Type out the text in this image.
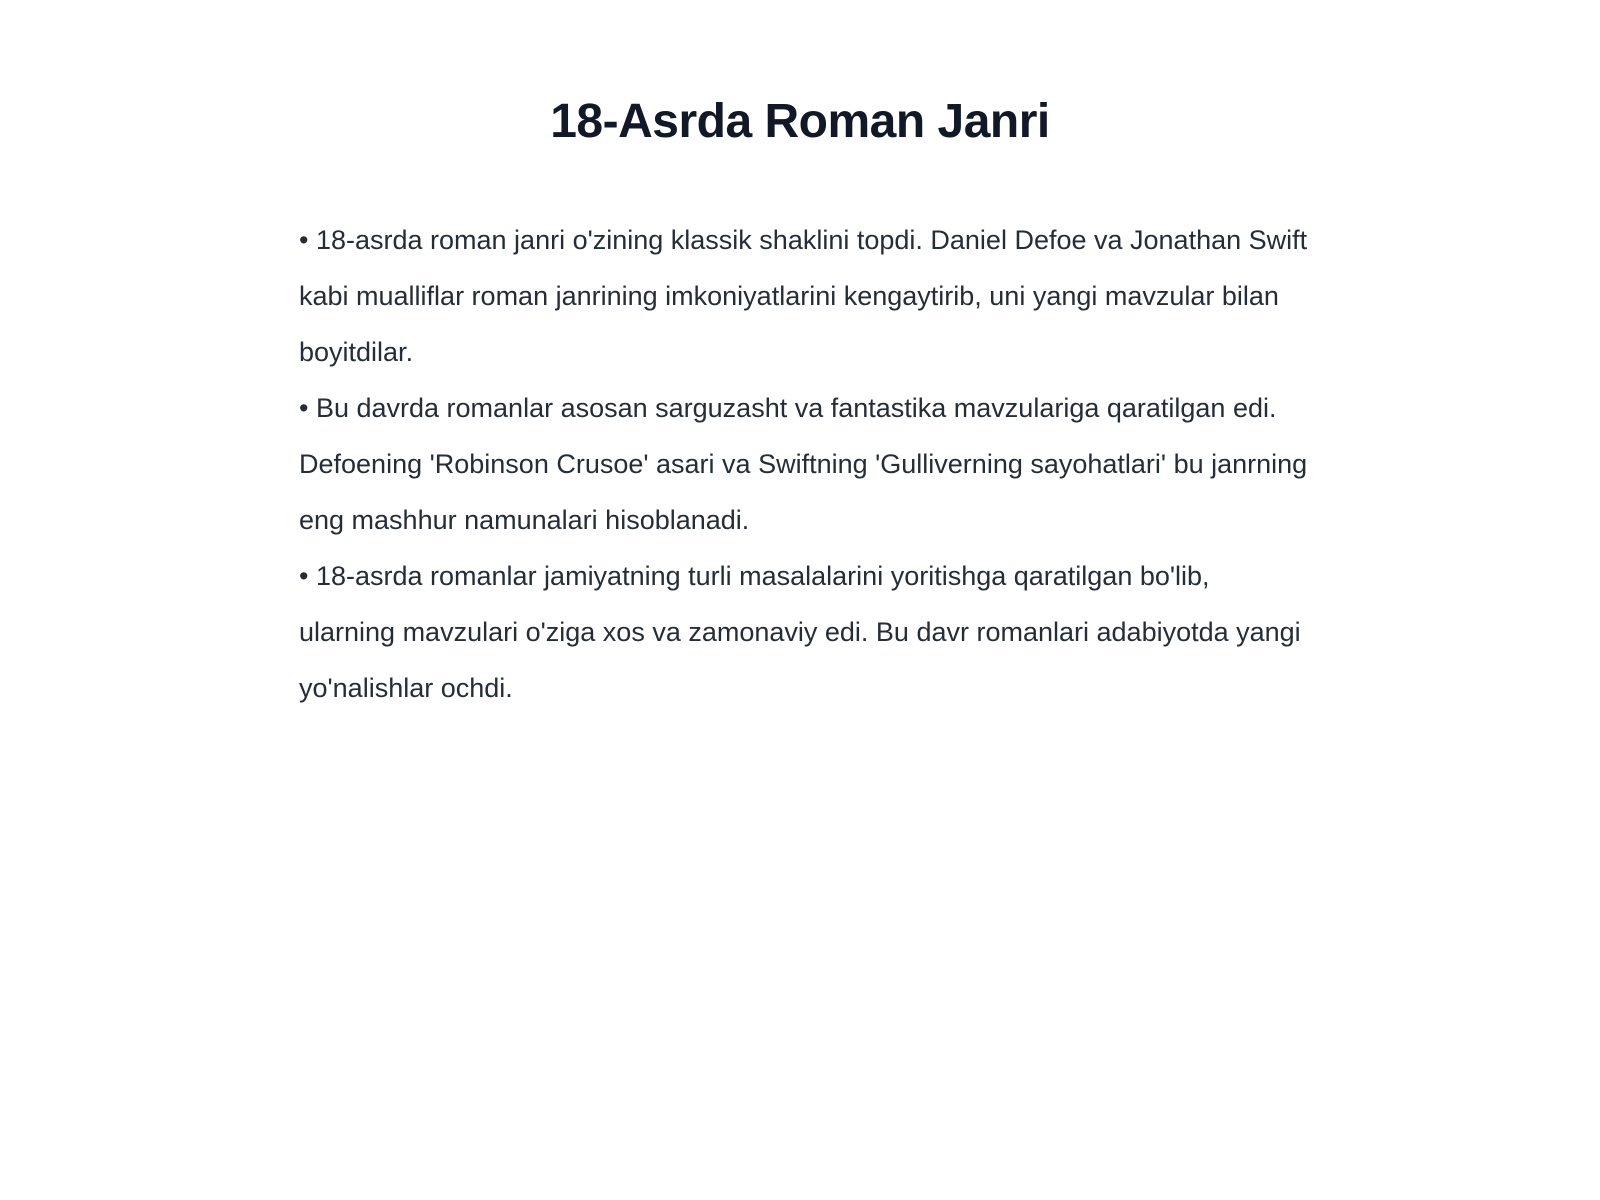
18-Asrda Roman Janri

• 18-asrda roman janri o'zining klassik shaklini topdi. Daniel Defoe va Jonathan Swift kabi mualliflar roman janrining imkoniyatlarini kengaytirib, uni yangi mavzular bilan boyitdilar.

• Bu davrda romanlar asosan sarguzasht va fantastika mavzulariga qaratilgan edi. Defoening 'Robinson Crusoe' asari va Swiftning 'Gulliverning sayohatlari' bu janrning eng mashhur namunalari hisoblanadi.

• 18-asrda romanlar jamiyatning turli masalalarini yoritishga qaratilgan bo'lib, ularning mavzulari o'ziga xos va zamonaviy edi. Bu davr romanlari adabiyotda yangi yo'nalishlar ochdi.
